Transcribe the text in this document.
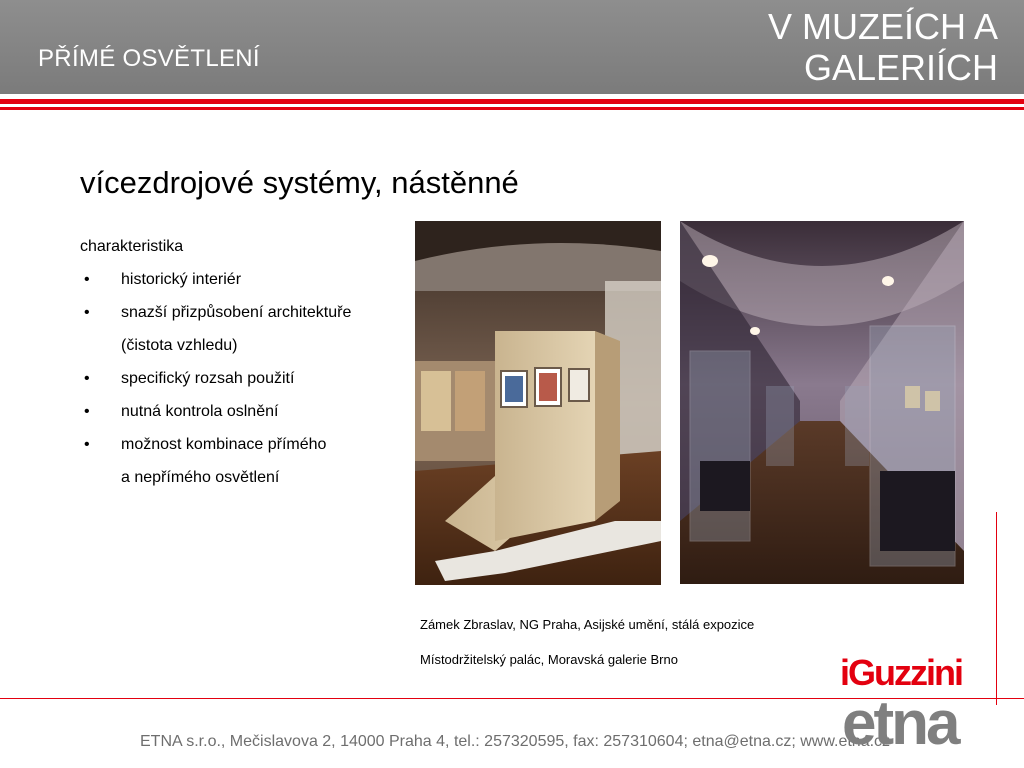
PŘÍMÉ OSVĚTLENÍ
V MUZEÍCH A
GALERIÍCH
vícezdrojové systémy, nástěnné
charakteristika
• historický interiér
• snazší přizpůsobení architektuře
(čistota vzhledu)
• specifický rozsah použití
• nutná kontrola oslnění
• možnost kombinace přímého
a nepřímého osvětlení
Zámek Zbraslav, NG Praha, Asijské umění, stálá expozice
Místodržitelský palác, Moravská galerie Brno	iGuzzini
ETNA s.r.o., Mečislavova 2, 14000 Praha 4, tel.: 257320595, fax: 257310604; etna@etna.cz; www.etna.cz
etna
